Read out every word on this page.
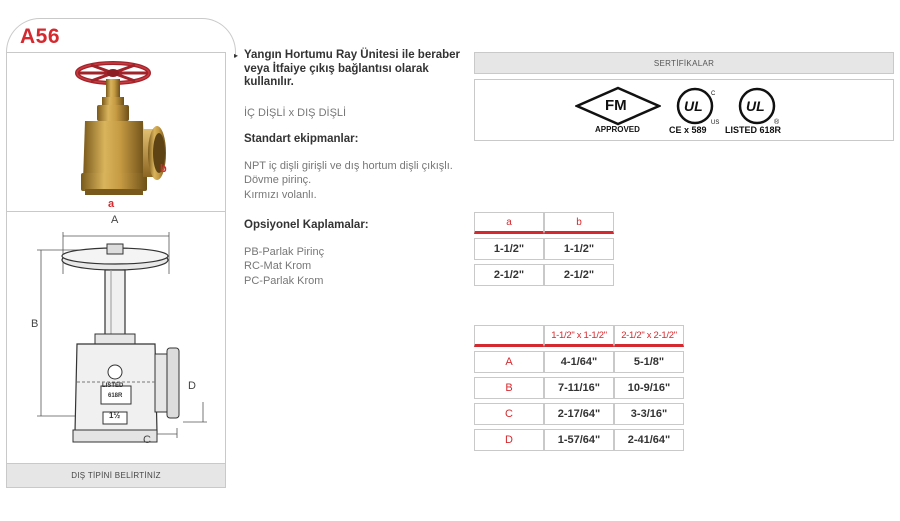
A56
a
b
A
B
D
C
LISTED
618R
1½
DIŞ TİPİNİ BELİRTİNİZ
▸ Yangın Hortumu Ray Ünitesi ile beraber veya İtfaiye çıkış bağlantısı olarak kullanılır.
İÇ DİŞLİ x DIŞ DİŞLİ
Standart ekipmanlar:
NPT iç dişli girişli ve dış hortum dişli çıkışlı.
Dövme pirinç.
Kırmızı volanlı.
Opsiyonel Kaplamalar:
PB-Parlak Pirinç
RC-Mat Krom
PC-Parlak Krom
SERTİFİKALAR
FM
APPROVED
C
US
UL
CE x 589
®
UL
LISTED 618R
a	b

1-1/2"	1-1/2"

2-1/2"	2-1/2"
	1-1/2" x 1-1/2"	2-1/2" x 2-1/2"

A	4-1/64"	5-1/8"

B	7-11/16"	10-9/16"

C	2-17/64"	3-3/16"

D	1-57/64"	2-41/64"
